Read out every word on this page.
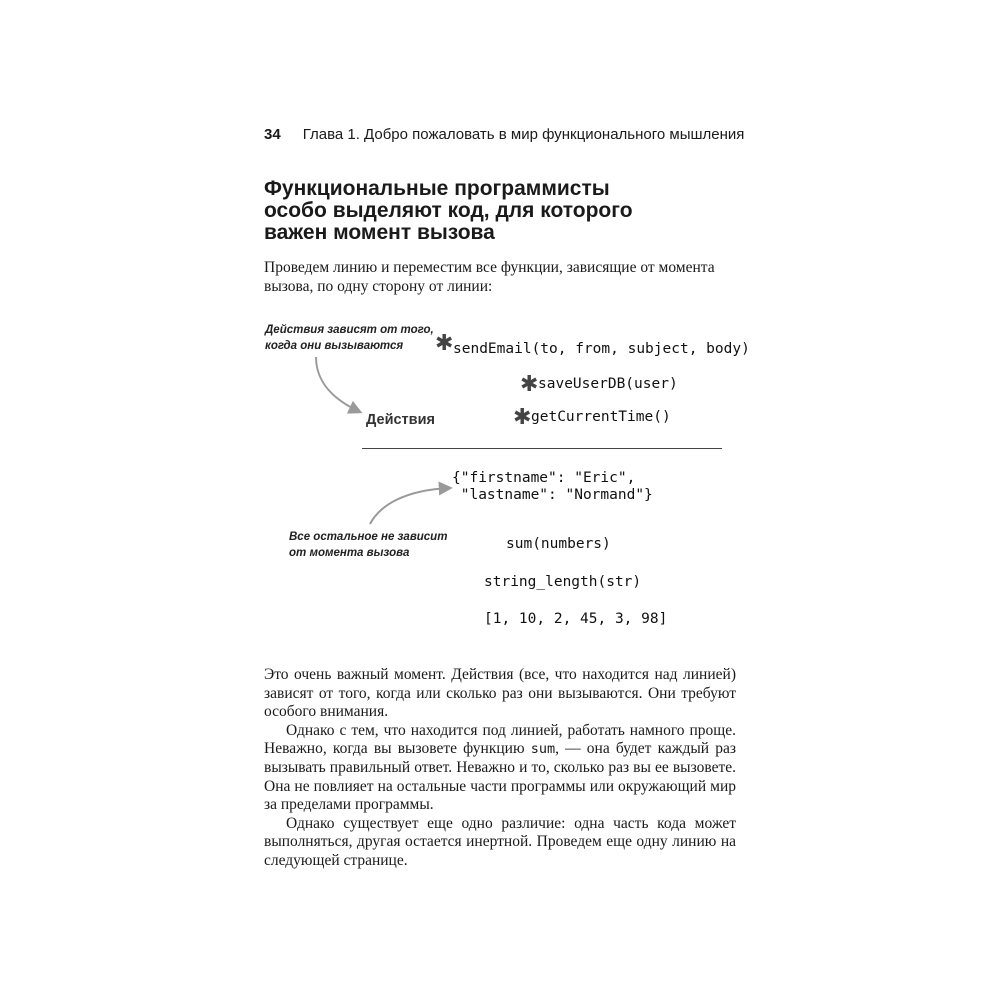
34 Глава 1. Добро пожаловать в мир функционального мышления
Функциональные программисты
особо выделяют код, для которого
важен момент вызова

Проведем линию и переместим все функции, зависящие от момента вызова, по одну сторону от линии:

Действия зависят от того,
когда они вызываются	✱ sendEmail(to, from, subject, body)
✱ saveUserDB(user)
Действия	✱ getCurrentTime()
{"firstname": "Eric",
"lastname": "Normand"}
Все остальное не зависит
от момента вызова
sum(numbers)
string_length(str)
[1, 10, 2, 45, 3, 98]

Это очень важный момент. Действия (все, что находится над линией) зависят от того, когда или сколько раз они вызываются. Они требуют особого внимания.

Однако с тем, что находится под линией, работать намного проще. Неважно, когда вы вызовете функцию sum, — она будет каждый раз вызывать правильный ответ. Неважно и то, сколько раз вы ее вызовете. Она не повлияет на остальные части программы или окружающий мир за пределами программы.

Однако существует еще одно различие: одна часть кода может выполняться, другая остается инертной. Проведем еще одну линию на следующей странице.
